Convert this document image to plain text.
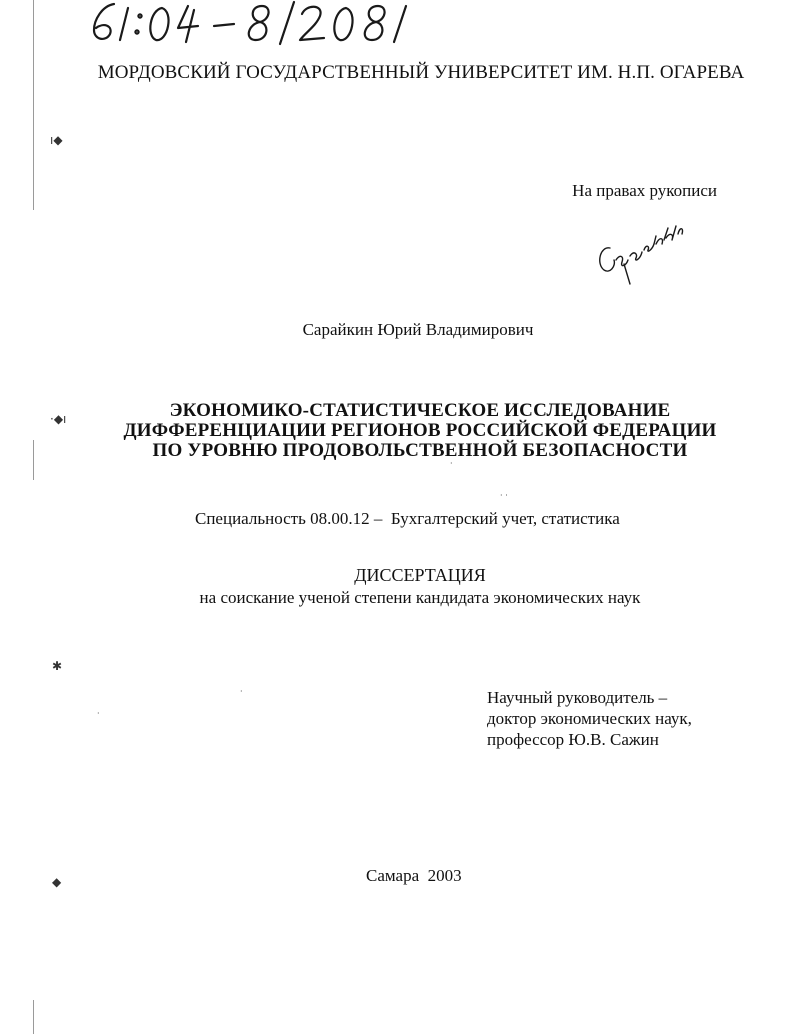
ı◆
·◆ı
✱
◆
МОРДОВСКИЙ ГОСУДАРСТВЕННЫЙ УНИВЕРСИТЕТ ИМ. Н.П. ОГАРЕВА
На правах рукописи
Сарайкин Юрий Владимирович
ЭКОНОМИКО-СТАТИСТИЧЕСКОЕ ИССЛЕДОВАНИЕ
ДИФФЕРЕНЦИАЦИИ РЕГИОНОВ РОССИЙСКОЙ ФЕДЕРАЦИИ
ПО УРОВНЮ ПРОДОВОЛЬСТВЕННОЙ БЕЗОПАСНОСТИ
Специальность 08.00.12 – Бухгалтерский учет, статистика
ДИССЕРТАЦИЯ
на соискание ученой степени кандидата экономических наук
Научный руководитель –
доктор экономических наук,
профессор Ю.В. Сажин
Самара  2003
·
·
· ·
·
